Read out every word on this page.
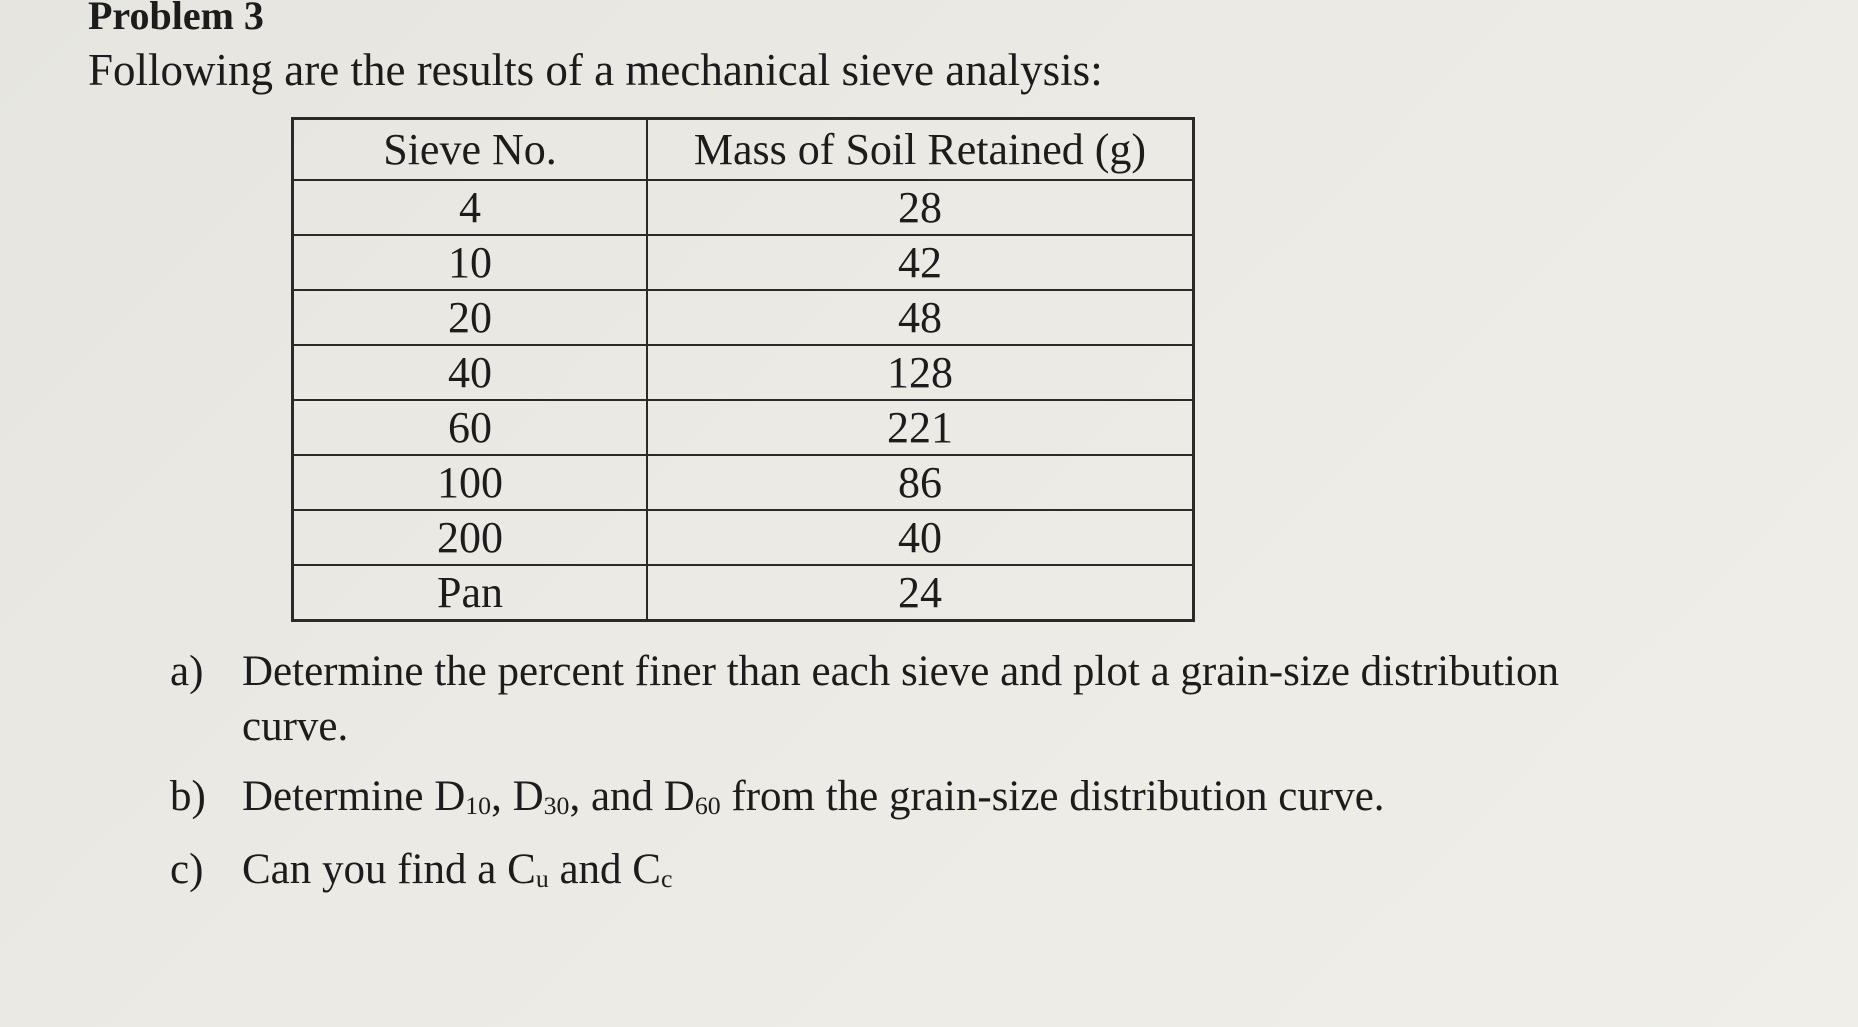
Problem 3

Following are the results of a mechanical sieve analysis:

Sieve No.	Mass of Soil Retained (g)
4	28
10	42
20	48
40	128
60	221
100	86
200	40
Pan	24
a) Determine the percent finer than each sieve and plot a grain-size distribution
curve.
b) Determine $D_{10}$, $D_{30}$, and $D_{60}$ from the grain-size distribution curve.
c) Can you find a $C_u$ and $C_c$
